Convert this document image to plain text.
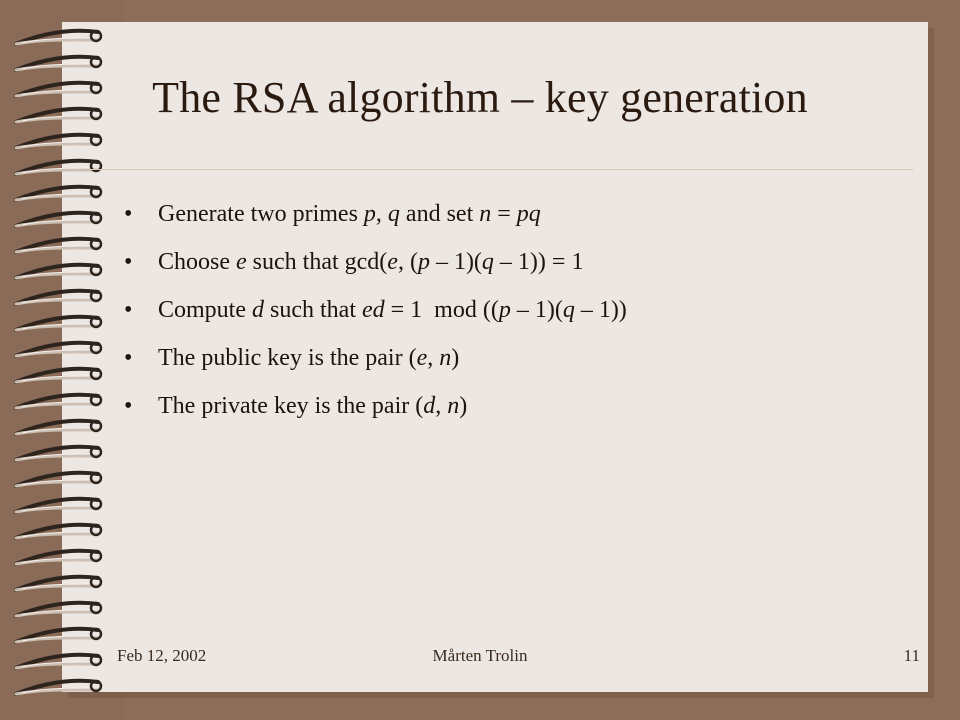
The RSA algorithm – key generation
• Generate two primes p, q and set n = pq
• Choose e such that gcd(e, (p – 1)(q – 1)) = 1
• Compute d such that ed = 1  mod ((p – 1)(q – 1))
• The public key is the pair (e, n)
• The private key is the pair (d, n)
Feb 12, 2002	Mårten Trolin	11
